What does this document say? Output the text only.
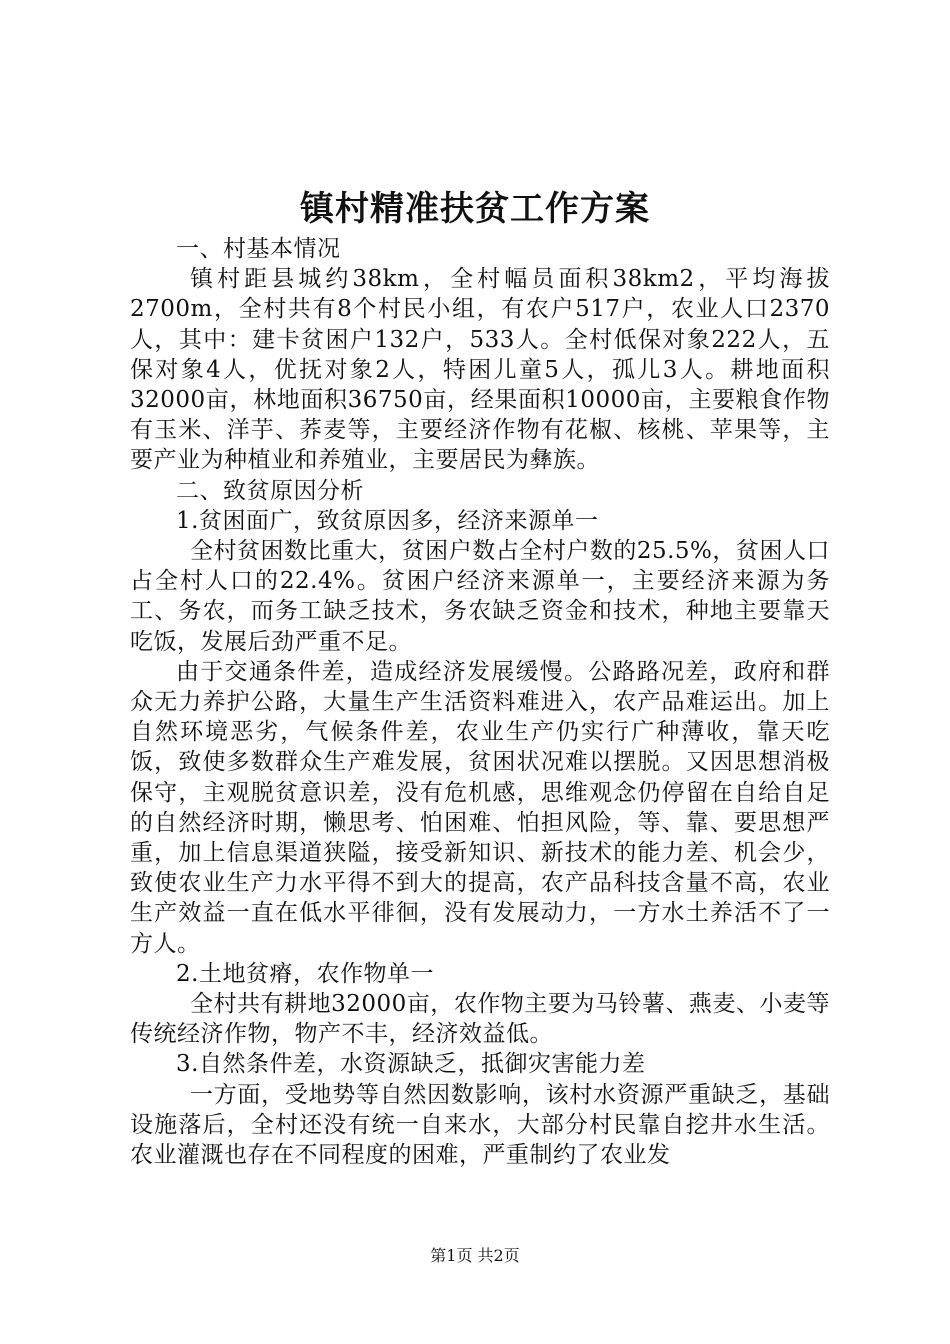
镇村精准扶贫工作方案

一、村基本情况

镇村距县城约38km，全村幅员面积38km2，平均海拔2700m，全村共有8个村民小组，有农户517户，农业人口2370人，其中：建卡贫困户132户，533人。全村低保对象222人，五保对象4人，优抚对象2人，特困儿童5人，孤儿3人。耕地面积32000亩，林地面积36750亩，经果面积10000亩，主要粮食作物有玉米、洋芋、荞麦等，主要经济作物有花椒、核桃、苹果等，主要产业为种植业和养殖业，主要居民为彝族。

二、致贫原因分析

1.贫困面广，致贫原因多，经济来源单一

全村贫困数比重大，贫困户数占全村户数的25.5%，贫困人口占全村人口的22.4%。贫困户经济来源单一，主要经济来源为务工、务农，而务工缺乏技术，务农缺乏资金和技术，种地主要靠天吃饭，发展后劲严重不足。

由于交通条件差，造成经济发展缓慢。公路路况差，政府和群众无力养护公路，大量生产生活资料难进入，农产品难运出。加上自然环境恶劣，气候条件差，农业生产仍实行广种薄收，靠天吃饭，致使多数群众生产难发展，贫困状况难以摆脱。又因思想消极保守，主观脱贫意识差，没有危机感，思维观念仍停留在自给自足的自然经济时期，懒思考、怕困难、怕担风险，等、靠、要思想严重，加上信息渠道狭隘，接受新知识、新技术的能力差、机会少，致使农业生产力水平得不到大的提高，农产品科技含量不高，农业生产效益一直在低水平徘徊，没有发展动力，一方水土养活不了一方人。

2.土地贫瘠，农作物单一

全村共有耕地32000亩，农作物主要为马铃薯、燕麦、小麦等传统经济作物，物产不丰，经济效益低。

3.自然条件差，水资源缺乏，抵御灾害能力差

一方面，受地势等自然因数影响，该村水资源严重缺乏，基础设施落后，全村还没有统一自来水，大部分村民靠自挖井水生活。农业灌溉也存在不同程度的困难，严重制约了农业发

第1页 共2页
